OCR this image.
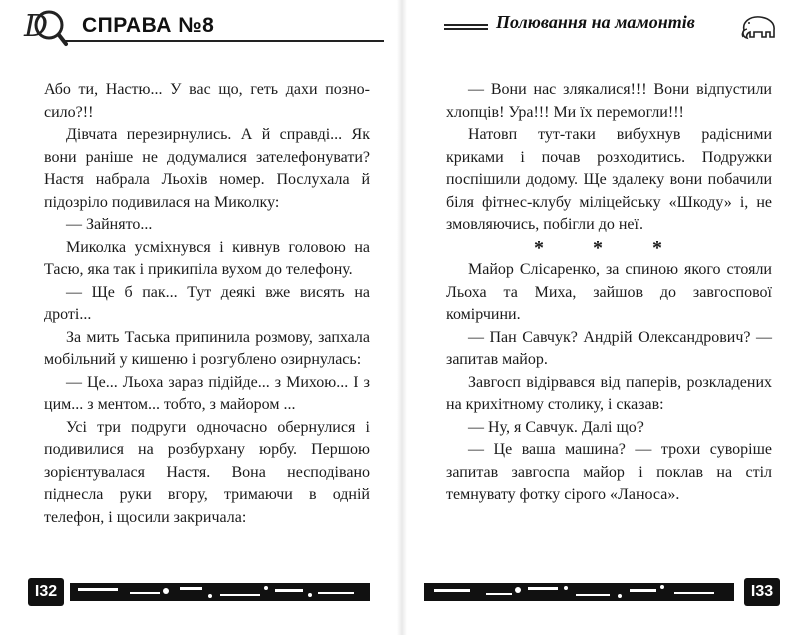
D СПРАВА №8

Або ти, Настю... У вас що, геть дахи позно-сило?!!

Дівчата перезирнулись. А й справді... Як вони раніше не додумалися зателефонувати? Настя набрала Льохів номер. Послухала й підозріло подивилася на Миколку:

— Зайнято...

Миколка усміхнувся і кивнув головою на Тасю, яка так і прикипіла вухом до телефону.

— Ще б пак... Тут деякі вже висять на дроті...

За мить Таська припинила розмову, запхала мобільний у кишеню і розгублено озирнулась:

— Це... Льоха зараз підійде... з Михою... І з цим... з ментом... тобто, з майором ...

Усі три подруги одночасно обернулися і подивилися на розбурхану юрбу. Першою зорієнтувалася Настя. Вона несподівано піднесла руки вгору, тримаючи в одній телефон, і щосили закричала:

I32
Полювання на мамонтів

— Вони нас злякалися!!! Вони відпустили хлопців! Ура!!! Ми їх перемогли!!!

Натовп тут-таки вибухнув радісними криками і почав розходитись. Подружки поспішили додому. Ще здалеку вони побачили біля фітнес-клубу міліцейську «Шкоду» і, не змовляючись, побігли до неї.

* * *

Майор Слісаренко, за спиною якого стояли Льоха та Миха, зайшов до завгоспової комірчини.

— Пан Савчук? Андрій Олександрович? — запитав майор.

Завгосп відірвався від паперів, розкладених на крихітному столику, і сказав:

— Ну, я Савчук. Далі що?

— Це ваша машина? — трохи суворіше запитав завгоспа майор і поклав на стіл темнувату фотку сірого «Ланоса».

I33
